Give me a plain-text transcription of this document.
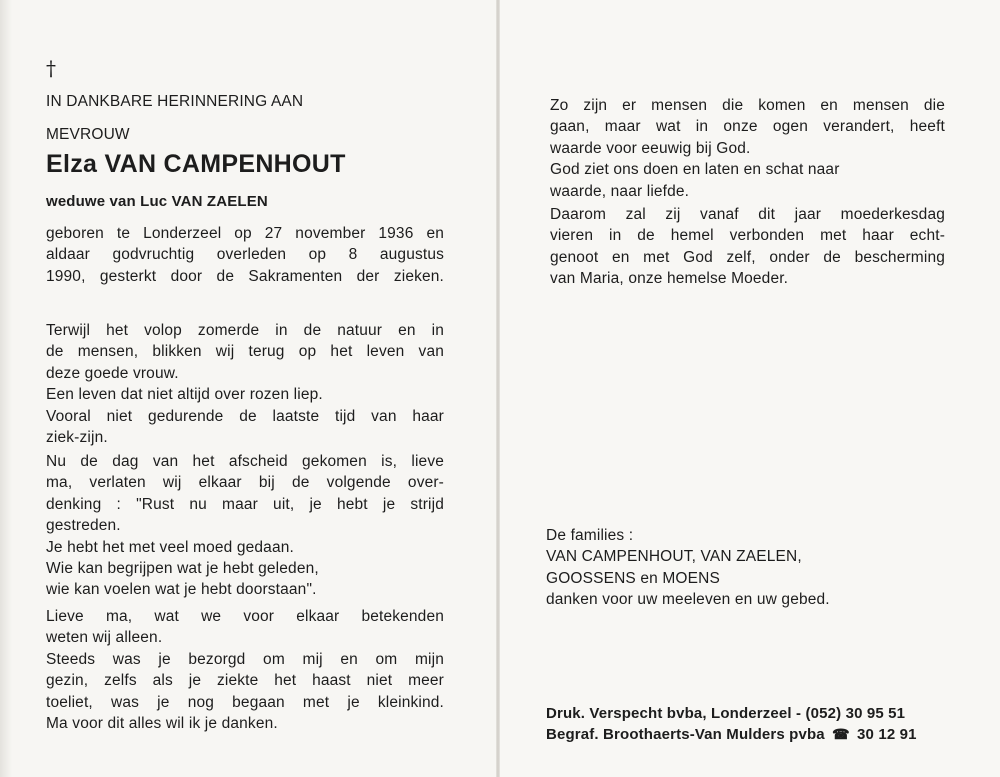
†
IN DANKBARE HERINNERING AAN
MEVROUW
Elza VAN CAMPENHOUT
weduwe van Luc VAN ZAELEN

geboren te Londerzeel op 27 november 1936 en

aldaar godvruchtig overleden op 8 augustus

1990, gesterkt door de Sakramenten der zieken.

Terwijl het volop zomerde in de natuur en in

de mensen, blikken wij terug op het leven van

deze goede vrouw.

Een leven dat niet altijd over rozen liep.

Vooral niet gedurende de laatste tijd van haar

ziek-zijn.

Nu de dag van het afscheid gekomen is, lieve

ma, verlaten wij elkaar bij de volgende over-

denking : "Rust nu maar uit, je hebt je strijd

gestreden.

Je hebt het met veel moed gedaan.

Wie kan begrijpen wat je hebt geleden,

wie kan voelen wat je hebt doorstaan".

Lieve ma, wat we voor elkaar betekenden

weten wij alleen.

Steeds was je bezorgd om mij en om mijn

gezin, zelfs als je ziekte het haast niet meer

toeliet, was je nog begaan met je kleinkind.

Ma voor dit alles wil ik je danken.

Zo zijn er mensen die komen en mensen die

gaan, maar wat in onze ogen verandert, heeft

waarde voor eeuwig bij God.

God ziet ons doen en laten en schat naar

waarde, naar liefde.

Daarom zal zij vanaf dit jaar moederkesdag

vieren in de hemel verbonden met haar echt-

genoot en met God zelf, onder de bescherming

van Maria, onze hemelse Moeder.

De families :

VAN CAMPENHOUT, VAN ZAELEN,

GOOSSENS en MOENS

danken voor uw meeleven en uw gebed.

Druk. Verspecht bvba, Londerzeel - (052) 30 95 51

Begraf. Broothaerts-Van Mulders pvba ☎ 30 12 91
